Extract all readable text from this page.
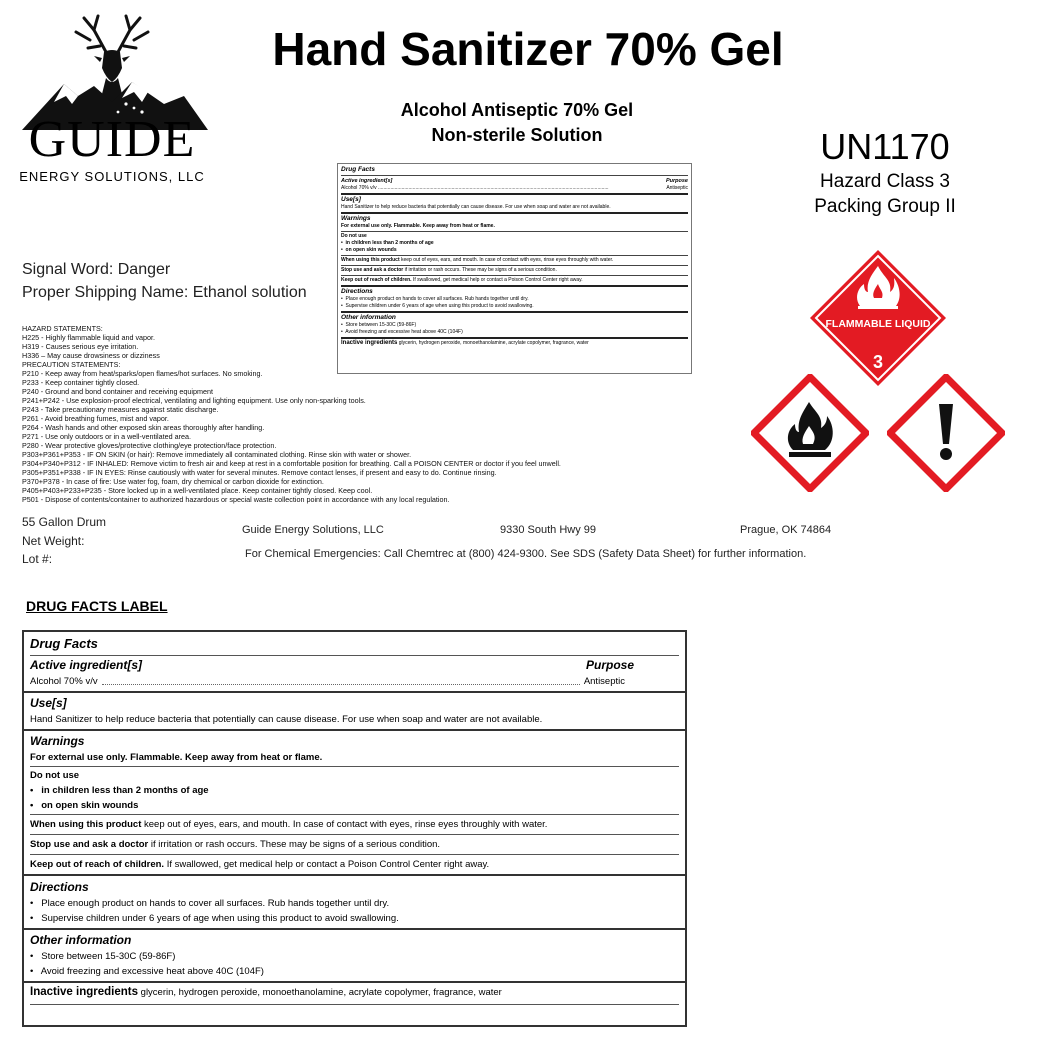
GUIDE
ENERGY SOLUTIONS, LLC
Hand Sanitizer 70% Gel
Alcohol Antiseptic 70% Gel
Non-sterile Solution	UN1170
Hazard Class 3
Packing Group II
FLAMMABLE LIQUID
3
Signal Word: Danger
Proper Shipping Name: Ethanol solution
Drug Facts
Active ingredient[s]	Purpose
Alcohol 70% v/v ......................................................................................................................................................................	Antiseptic
Use[s]
Hand Sanitizer to help reduce bacteria that potentially can cause disease. For use when soap and water are not available.
Warnings
For external use only. Flammable. Keep away from heat or flame.
Do not use
•  in children less than 2 months of age
•  on open skin wounds
When using this product keep out of eyes, ears, and mouth. In case of contact with eyes, rinse eyes throughly with water.
Stop use and ask a doctor if irritation or rash occurs. These may be signs of a serious condition.
Keep out of reach of children. If swallowed, get medical help or contact a Poison Control Center right away.
Directions
•  Place enough product on hands to cover all surfaces. Rub hands together until dry.
•  Supervise children under 6 years of age when using this product to avoid swallowing.
Other information
•  Store between 15-30C (59-86F)
•  Avoid freezing and excessive heat above 40C (104F)
Inactive ingredients glycerin, hydrogen peroxide, monoethanolamine, acrylate copolymer, fragrance, water
HAZARD STATEMENTS:
H225 - Highly flammable liquid and vapor.
H319 - Causes serious eye irritation.
H336 – May cause drowsiness or dizziness
PRECAUTION STATEMENTS:
P210 - Keep away from heat/sparks/open flames/hot surfaces. No smoking.
P233 - Keep container tightly closed.
P240 - Ground and bond container and receiving equipment
P241+P242 - Use explosion-proof electrical, ventilating and lighting equipment. Use only non-sparking tools.
P243 - Take precautionary measures against static discharge.
P261 - Avoid breathing fumes, mist and vapor.
P264 - Wash hands and other exposed skin areas thoroughly after handling.
P271 - Use only outdoors or in a well-ventilated area.
P280 - Wear protective gloves/protective clothing/eye protection/face protection.
P303+P361+P353 - IF ON SKIN (or hair): Remove immediately all contaminated clothing. Rinse skin with water or shower.
P304+P340+P312 - IF INHALED: Remove victim to fresh air and keep at rest in a comfortable position for breathing. Call a POISON CENTER or doctor if you feel unwell.
P305+P351+P338 - IF IN EYES: Rinse cautiously with water for several minutes. Remove contact lenses, if present and easy to do. Continue rinsing.
P370+P378 - In case of fire: Use water fog, foam, dry chemical or carbon dioxide for extinction.
P405+P403+P233+P235 - Store locked up in a well-ventilated place. Keep container tightly closed. Keep cool.
P501 - Dispose of contents/container to authorized hazardous or special waste collection point in accordance with any local regulation.
55 Gallon Drum
Net Weight:
Lot #:
Guide Energy Solutions, LLC	9330 South Hwy 99	Prague, OK 74864
For Chemical Emergencies: Call Chemtrec at (800) 424-9300. See SDS (Safety Data Sheet) for further information.
DRUG FACTS LABEL
Drug Facts
Active ingredient[s]	Purpose
Alcohol 70% v/v	Antiseptic
Use[s]
Hand Sanitizer to help reduce bacteria that potentially can cause disease. For use when soap and water are not available.
Warnings
For external use only. Flammable. Keep away from heat or flame.
Do not use
•   in children less than 2 months of age
•   on open skin wounds
When using this product keep out of eyes, ears, and mouth. In case of contact with eyes, rinse eyes throughly with water.
Stop use and ask a doctor if irritation or rash occurs. These may be signs of a serious condition.
Keep out of reach of children. If swallowed, get medical help or contact a Poison Control Center right away.
Directions
•   Place enough product on hands to cover all surfaces. Rub hands together until dry.
•   Supervise children under 6 years of age when using this product to avoid swallowing.
Other information
•   Store between 15-30C (59-86F)
•   Avoid freezing and excessive heat above 40C (104F)
Inactive ingredients glycerin, hydrogen peroxide, monoethanolamine, acrylate copolymer, fragrance, water
